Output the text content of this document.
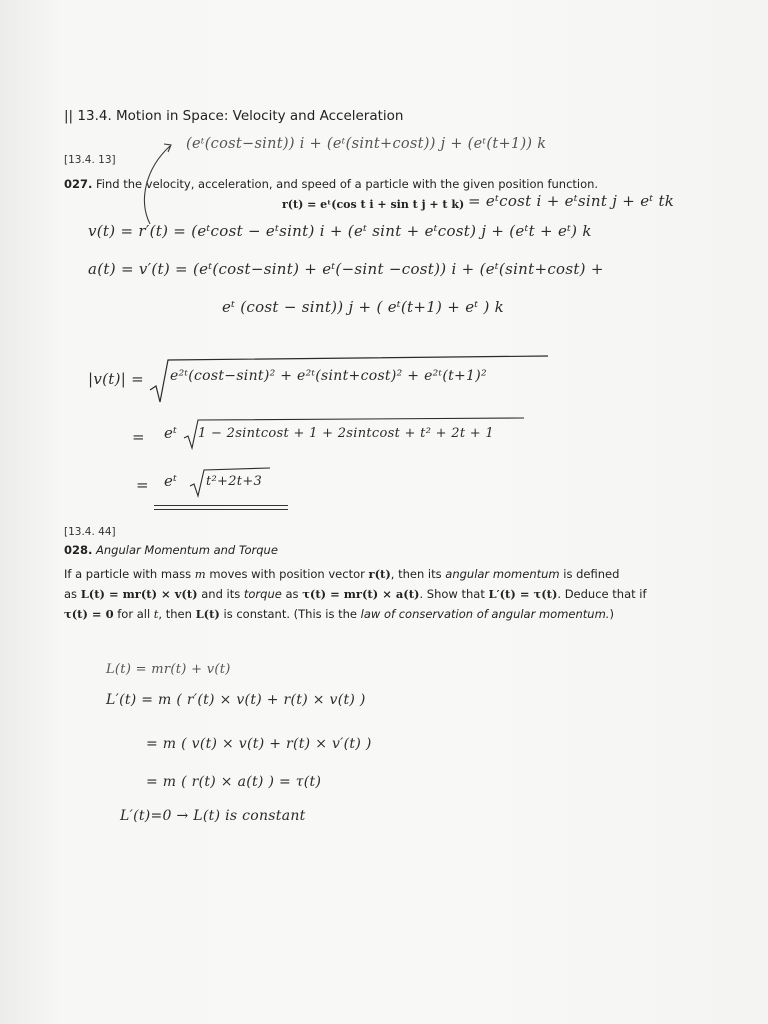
|| 13.4. Motion in Space: Velocity and Acceleration
[13.4. 13]
(eᵗ(cost−sint)) i + (eᵗ(sint+cost)) j + (eᵗ(t+1)) k
027. Find the velocity, acceleration, and speed of a particle with the given position function.
r(t) = eᵗ(cos t i + sin t j + t k) = eᵗcost i + eᵗsint j + eᵗ tk
v(t) = r′(t) = (eᵗcost − eᵗsint) i + (eᵗ sint + eᵗcost) j + (eᵗt + eᵗ) k
a(t) = v′(t) = (eᵗ(cost−sint) + eᵗ(−sint −cost)) i + (eᵗ(sint+cost) +
eᵗ (cost − sint)) j + ( eᵗ(t+1) + eᵗ ) k
|v(t)| = e²ᵗ(cost−sint)² + e²ᵗ(sint+cost)² + e²ᵗ(t+1)²
= eᵗ 1 − 2sintcost + 1 + 2sintcost + t² + 2t + 1
= eᵗ t²+2t+3
[13.4. 44]
028. Angular Momentum and Torque
If a particle with mass m moves with position vector r(t), then its angular momentum is defined
as L(t) = mr(t) × v(t) and its torque as τ(t) = mr(t) × a(t). Show that L′(t) = τ(t). Deduce that if
τ(t) = 0 for all t, then L(t) is constant. (This is the law of conservation of angular momentum.)
L(t) = mr(t) + v(t)
L′(t) = m ( r′(t) × v(t) + r(t) × v(t) )
= m ( v(t) × v(t) + r(t) × v′(t) )
= m ( r(t) × a(t) ) = τ(t)
L′(t)=0 → L(t) is constant
